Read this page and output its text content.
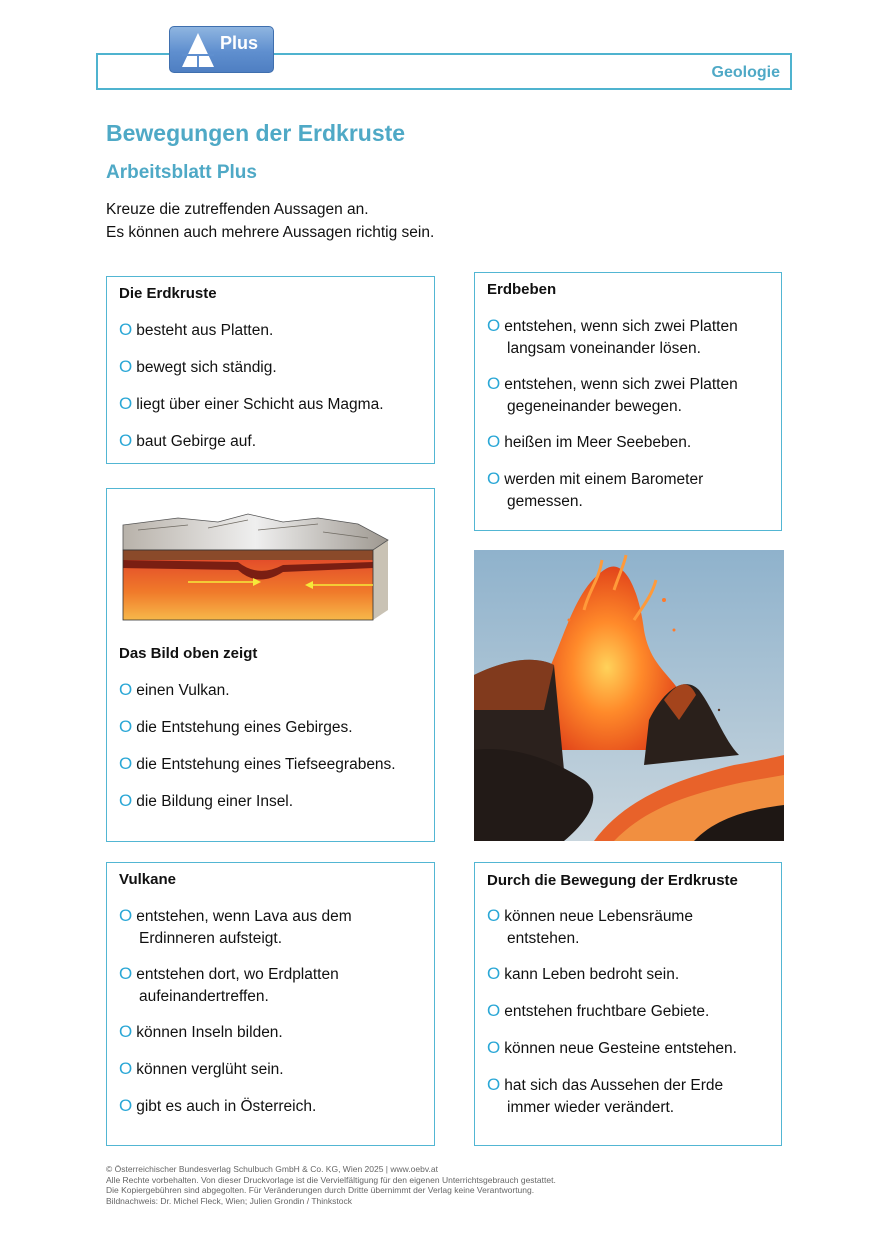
Geologie
Plus
Bewegungen der Erdkruste
Arbeitsblatt Plus
Kreuze die zutreffenden Aussagen an.
Es können auch mehrere Aussagen richtig sein.
Die Erdkruste
O besteht aus Platten.
O bewegt sich ständig.
O liegt über einer Schicht aus Magma.
O baut Gebirge auf.
Erdbeben
O entstehen, wenn sich zwei Platten
langsam voneinander lösen.
O entstehen, wenn sich zwei Platten
gegeneinander bewegen.
O heißen im Meer Seebeben.
O werden mit einem Barometer
gemessen.
Das Bild oben zeigt
O einen Vulkan.
O die Entstehung eines Gebirges.
O die Entstehung eines Tiefseegrabens.
O die Bildung einer Insel.
Vulkane
O entstehen, wenn Lava aus dem
Erdinneren aufsteigt.
O entstehen dort, wo Erdplatten
aufeinandertreffen.
O können Inseln bilden.
O können verglüht sein.
O gibt es auch in Österreich.
Durch die Bewegung der Erdkruste
O können neue Lebensräume
entstehen.
O kann Leben bedroht sein.
O entstehen fruchtbare Gebiete.
O können neue Gesteine entstehen.
O hat sich das Aussehen der Erde
immer wieder verändert.
© Österreichischer Bundesverlag Schulbuch GmbH & Co. KG, Wien 2025 | www.oebv.at
Alle Rechte vorbehalten. Von dieser Druckvorlage ist die Vervielfältigung für den eigenen Unterrichtsgebrauch gestattet.
Die Kopiergebühren sind abgegolten. Für Veränderungen durch Dritte übernimmt der Verlag keine Verantwortung.
Bildnachweis: Dr. Michel Fleck, Wien; Julien Grondin / Thinkstock
